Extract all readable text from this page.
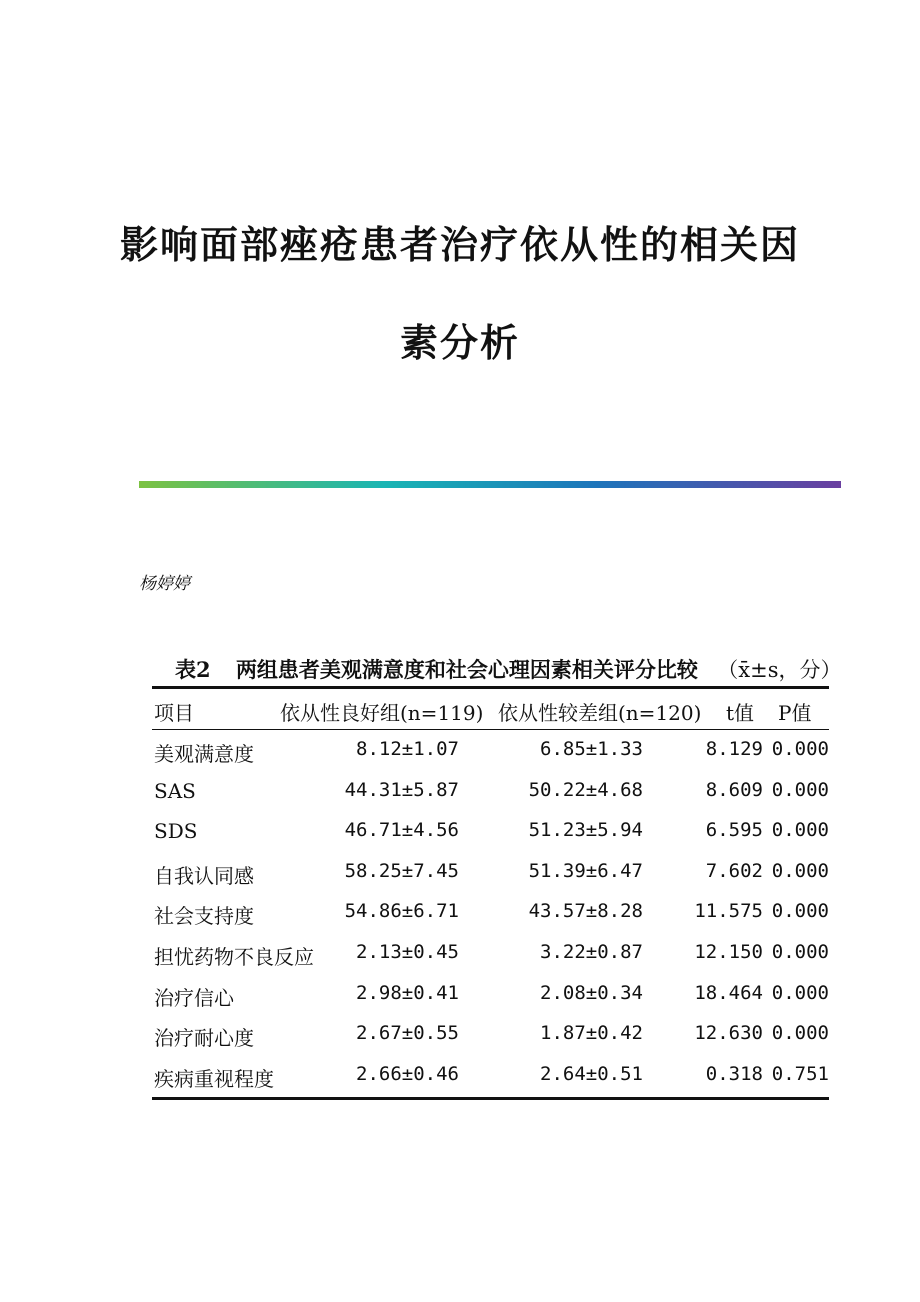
影响面部痤疮患者治疗依从性的相关因
素分析
杨婷婷
表2 两组患者美观满意度和社会心理因素相关评分比较 （x̄±s，分）
项目	依从性良好组(n=119) 依从性较差组(n=120) t值 P值
美观满意度	8.12±1.07	6.85±1.33	8.129 0.000
SAS	44.31±5.87	50.22±4.68	8.609 0.000
SDS	46.71±4.56	51.23±5.94	6.595 0.000
自我认同感	58.25±7.45	51.39±6.47	7.602 0.000
社会支持度	54.86±6.71	43.57±8.28	11.575 0.000
担忧药物不良反应 2.13±0.45	3.22±0.87	12.150 0.000
治疗信心	2.98±0.41	2.08±0.34	18.464 0.000
治疗耐心度	2.67±0.55	1.87±0.42	12.630 0.000
疾病重视程度	2.66±0.46	2.64±0.51	0.318 0.751
